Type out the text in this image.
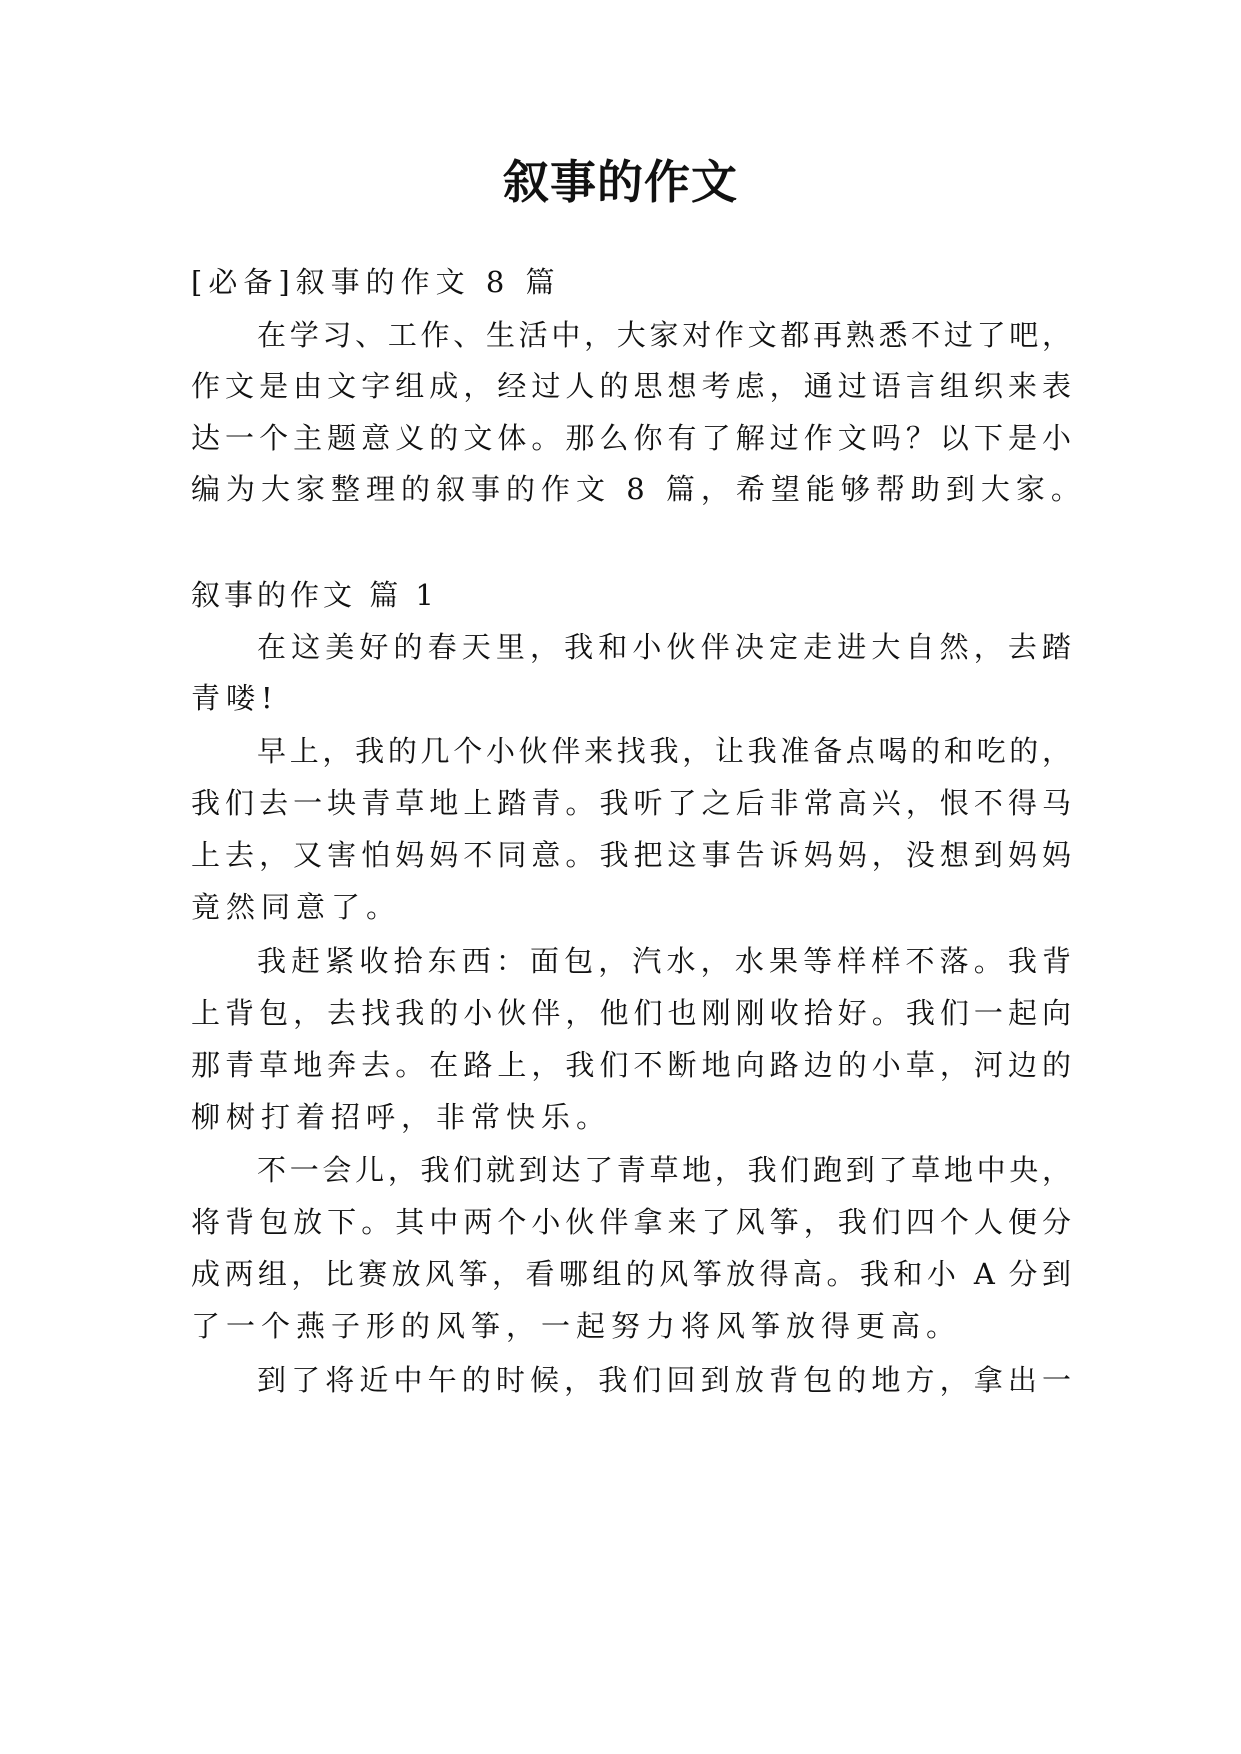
叙事的作文

[必备]叙事的作文 8 篇

在学习、工作、生活中，大家对作文都再熟悉不过了吧，

作文是由文字组成，经过人的思想考虑，通过语言组织来表

达一个主题意义的文体。那么你有了解过作文吗？以下是小

编为大家整理的叙事的作文 8 篇，希望能够帮助到大家。

叙事的作文 篇 1

在这美好的春天里，我和小伙伴决定走进大自然，去踏

青喽!

早上，我的几个小伙伴来找我，让我准备点喝的和吃的，

我们去一块青草地上踏青。我听了之后非常高兴，恨不得马

上去，又害怕妈妈不同意。我把这事告诉妈妈，没想到妈妈

竟然同意了。

我赶紧收拾东西：面包，汽水，水果等样样不落。我背

上背包，去找我的小伙伴，他们也刚刚收拾好。我们一起向

那青草地奔去。在路上，我们不断地向路边的小草，河边的

柳树打着招呼，非常快乐。

不一会儿，我们就到达了青草地，我们跑到了草地中央，

将背包放下。其中两个小伙伴拿来了风筝，我们四个人便分

成两组，比赛放风筝，看哪组的风筝放得高。我和小 A 分到

了一个燕子形的风筝，一起努力将风筝放得更高。

到了将近中午的时候，我们回到放背包的地方，拿出一
